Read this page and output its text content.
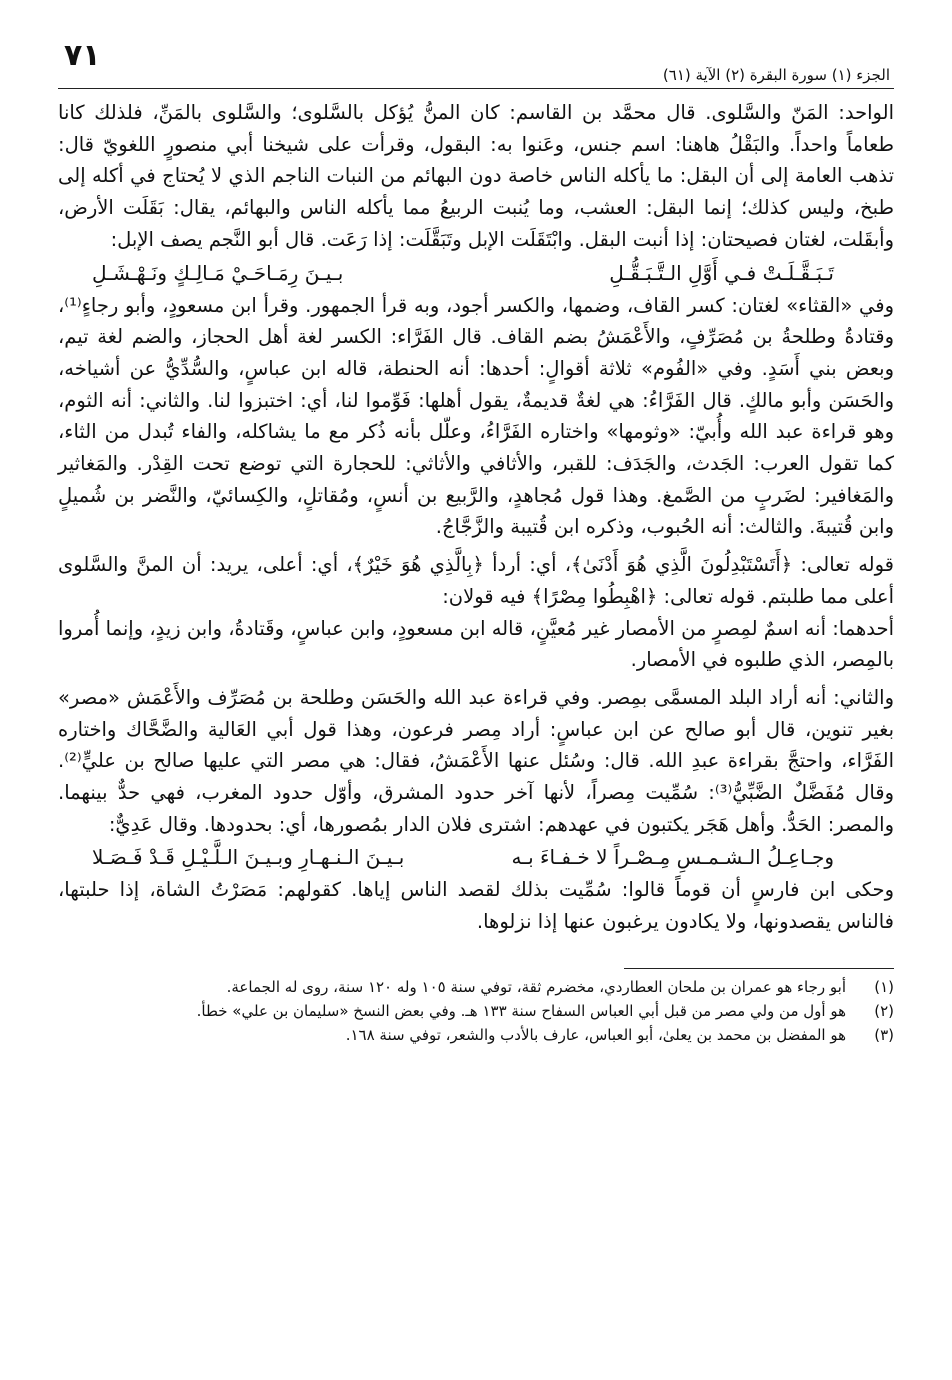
٧١
الجزء (١) سورة البقرة (٢) الآية (٦١)

الواحد: المَنّ والسَّلوى. قال محمَّد بن القاسم: كان المنُّ يُؤكل بالسَّلوى؛ والسَّلوى بالمَنِّ، فلذلك كانا طعاماً واحداً. والبَقْلُ هاهنا: اسم جنس، وعَنوا به: البقول، وقرأت على شيخنا أبي منصورٍ اللغويّ قال: تذهب العامة إلى أن البقل: ما يأكله الناس خاصة دون البهائم من النبات الناجم الذي لا يُحتاج في أكله إلى طبخ، وليس كذلك؛ إنما البقل: العشب، وما يُنبت الربيعُ مما يأكله الناس والبهائم، يقال: بَقَلَت الأرض، وأبقَلت، لغتان فصيحتان: إذا أنبت البقل. وابْتَقَلَت الإبل وتَبَقَّلَت: إذا رَعَت. قال أبو النَّجم يصف الإبل:

تَـبَـقَّـلَـتْ فـي أَوَّلِ الـتَّـبَـقُّـلِ
بـيـنَ رِمَـاحَـيْ مَـالِـكٍ ونَـهْـشَـلِ

وفي «القثاء» لغتان: كسر القاف، وضمها، والكسر أجود، وبه قرأ الجمهور. وقرأ ابن مسعودٍ، وأبو رجاءٍ⁽¹⁾، وقتادةُ وطلحةُ بن مُصَرِّفٍ، والأَعْمَشُ بضم القاف. قال الفَرَّاء: الكسر لغة أهل الحجاز، والضم لغة تيم، وبعض بني أَسَدٍ. وفي «الفُوم» ثلاثة أقوالٍ: أحدها: أنه الحنطة، قاله ابن عباسٍ، والسُّدِّيُّ عن أشياخه، والحَسَن وأبو مالكٍ. قال الفَرَّاءُ: هي لغةٌ قديمةٌ، يقول أهلها: فَوِّموا لنا، أي: اختبزوا لنا. والثاني: أنه الثوم، وهو قراءة عبد الله وأُبيّ: «وثومها» واختاره الفَرَّاءُ، وعلّل بأنه ذُكر مع ما يشاكله، والفاء تُبدل من الثاء، كما تقول العرب: الجَدث، والجَدَف: للقبر، والأثافي والأثاثي: للحجارة التي توضع تحت القِدْر. والمَغاثير والمَغافير: لضَربٍ من الصَّمغ. وهذا قول مُجاهدٍ، والرَّبيع بن أنسٍ، ومُقاتلٍ، والكِسائيّ، والنَّضر بن شُميلٍ وابن قُتيبةَ. والثالث: أنه الحُبوب، وذكره ابن قُتيبة والزَّجَّاجُ.

قوله تعالى: ﴿أَتَسْتَبْدِلُونَ الَّذِي هُوَ أَدْنَىٰ﴾، أي: أردأ ﴿بِالَّذِي هُوَ خَيْرٌ﴾، أي: أعلى، يريد: أن المنَّ والسَّلوى أعلى مما طلبتم. قوله تعالى: ﴿اهْبِطُوا مِصْرًا﴾ فيه قولان:

أحدهما: أنه اسمٌ لمِصرٍ من الأمصار غير مُعيَّنٍ، قاله ابن مسعودٍ، وابن عباسٍ، وقَتادةُ، وابن زيدٍ، وإنما أُمروا بالمِصر، الذي طلبوه في الأمصار.

والثاني: أنه أراد البلد المسمَّى بمِصر. وفي قراءة عبد الله والحَسَن وطلحة بن مُصَرِّف والأَعْمَش «مصر» بغير تنوين، قال أبو صالح عن ابن عباسٍ: أراد مِصر فرعون، وهذا قول أبي العَالية والضَّحَّاك واختاره الفَرَّاء، واحتجَّ بقراءة عبدِ الله. قال: وسُئل عنها الأَعْمَشُ، فقال: هي مصر التي عليها صالح بن عليٍّ⁽²⁾. وقال مُفَضَّلٌ الضَّبِّيُّ⁽³⁾: سُمِّيت مِصراً، لأنها آخر حدود المشرق، وأوّل حدود المغرب، فهي حدٌّ بينهما. والمصر: الحَدُّ. وأهل هَجَر يكتبون في عهدهم: اشترى فلان الدار بمُصورها، أي: بحدودها. وقال عَدِيٌّ:

وجـاعِـلُ الـشـمـسِ مِـصْـراً لا خـفـاءَ بـه
بـيـنَ الـنـهـارِ وبـيـنَ الـلَّـيْـلِ قَـدْ فَـصَـلا

وحكى ابن فارسٍ أن قوماً قالوا: سُمِّيت بذلك لقصد الناس إياها. كقولهم: مَصَرْتُ الشاة، إذا حلبتها، فالناس يقصدونها، ولا يكادون يرغبون عنها إذا نزلوها.

(١)
أبو رجاء هو عمران بن ملحان العطاردي، مخضرم ثقة، توفي سنة ١٠٥ وله ١٢٠ سنة، روى له الجماعة.
(٢)
هو أول من ولي مصر من قبل أبي العباس السفاح سنة ١٣٣ هـ. وفي بعض النسخ «سليمان بن علي» خطأ.
(٣)
هو المفضل بن محمد بن يعلىٰ، أبو العباس، عارف بالأدب والشعر، توفي سنة ١٦٨.
